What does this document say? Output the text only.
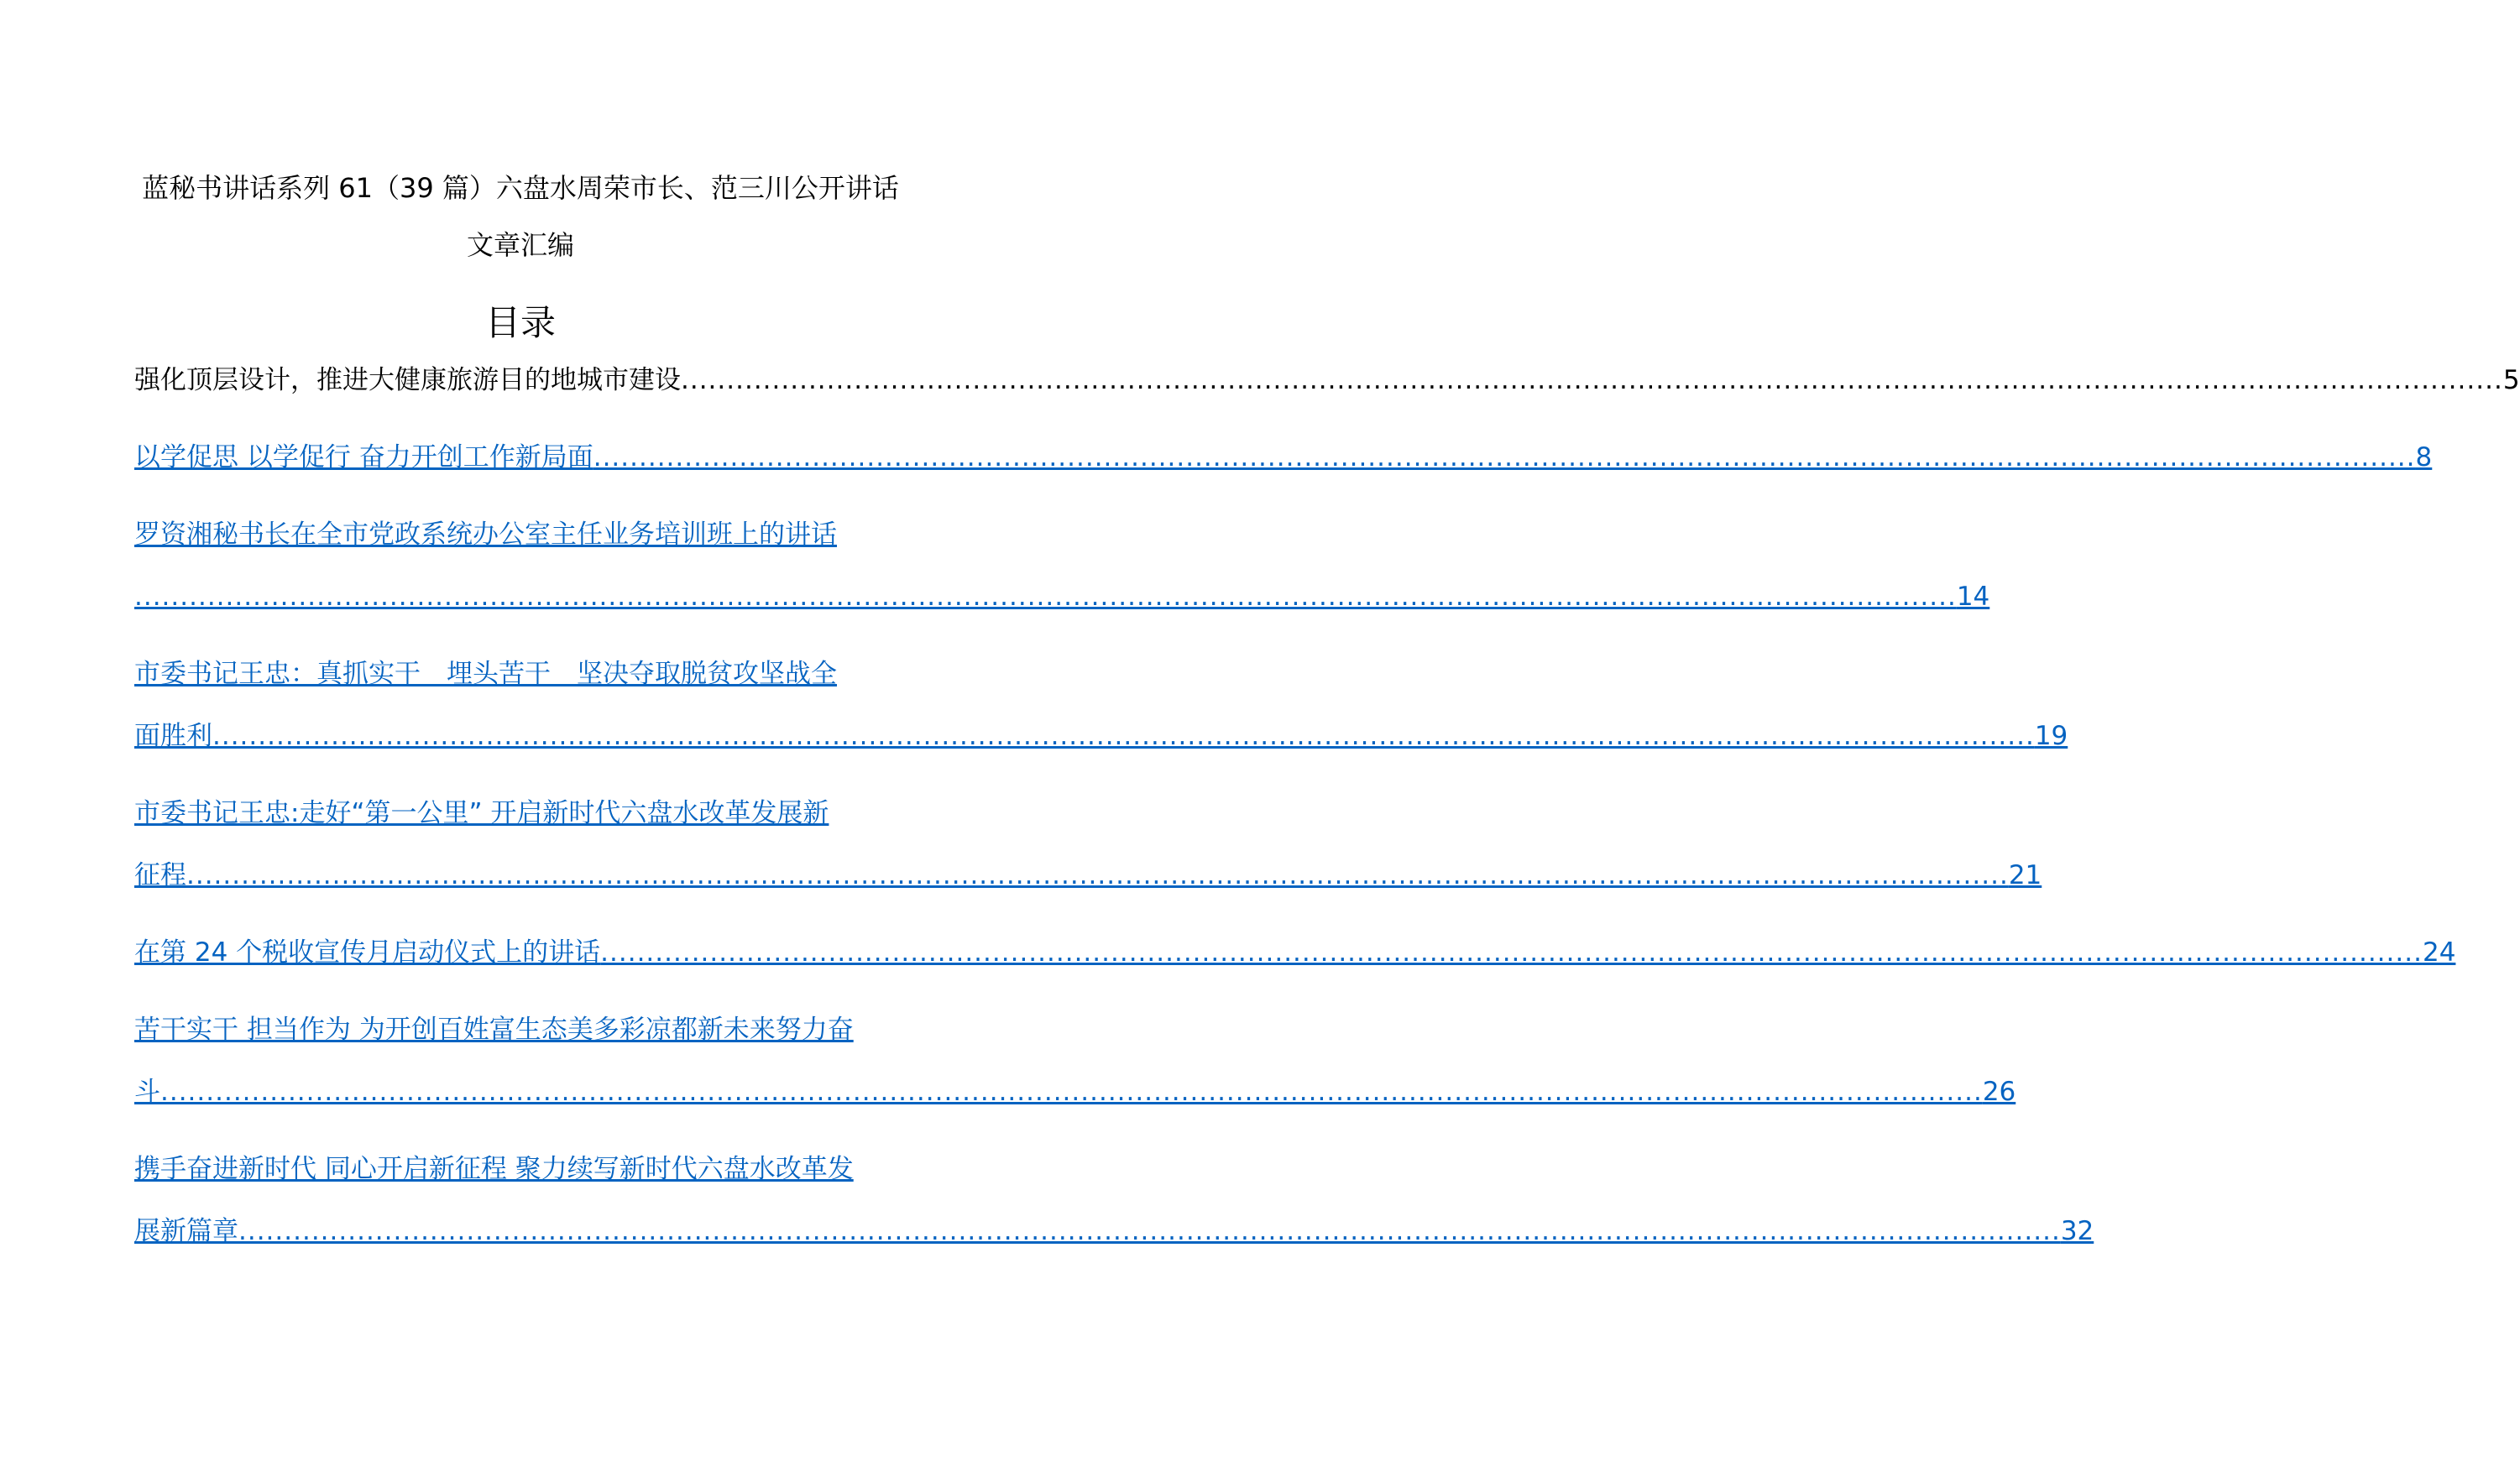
蓝秘书讲话系列 61（39 篇）六盘水周荣市长、范三川公开讲话
文章汇编
目录
强化顶层设计，推进大健康旅游目的地城市建设 ........................................................................................................................................................................................................ 5
以学促思 以学促行 奋力开创工作新局面 ........................................................................................................................................................................................................ 8
罗资湘秘书长在全市党政系统办公室主任业务培训班上的讲话
........................................................................................................................................................................................................ 14
市委书记王忠：真抓实干　埋头苦干　坚决夺取脱贫攻坚战全
面胜利 ........................................................................................................................................................................................................ 19
市委书记王忠:走好“第一公里” 开启新时代六盘水改革发展新
征程 ........................................................................................................................................................................................................ 21
在第 24 个税收宣传月启动仪式上的讲话 ........................................................................................................................................................................................................ 24
苦干实干 担当作为 为开创百姓富生态美多彩凉都新未来努力奋
斗 ........................................................................................................................................................................................................ 26
携手奋进新时代 同心开启新征程 聚力续写新时代六盘水改革发
展新篇章 ........................................................................................................................................................................................................ 32
